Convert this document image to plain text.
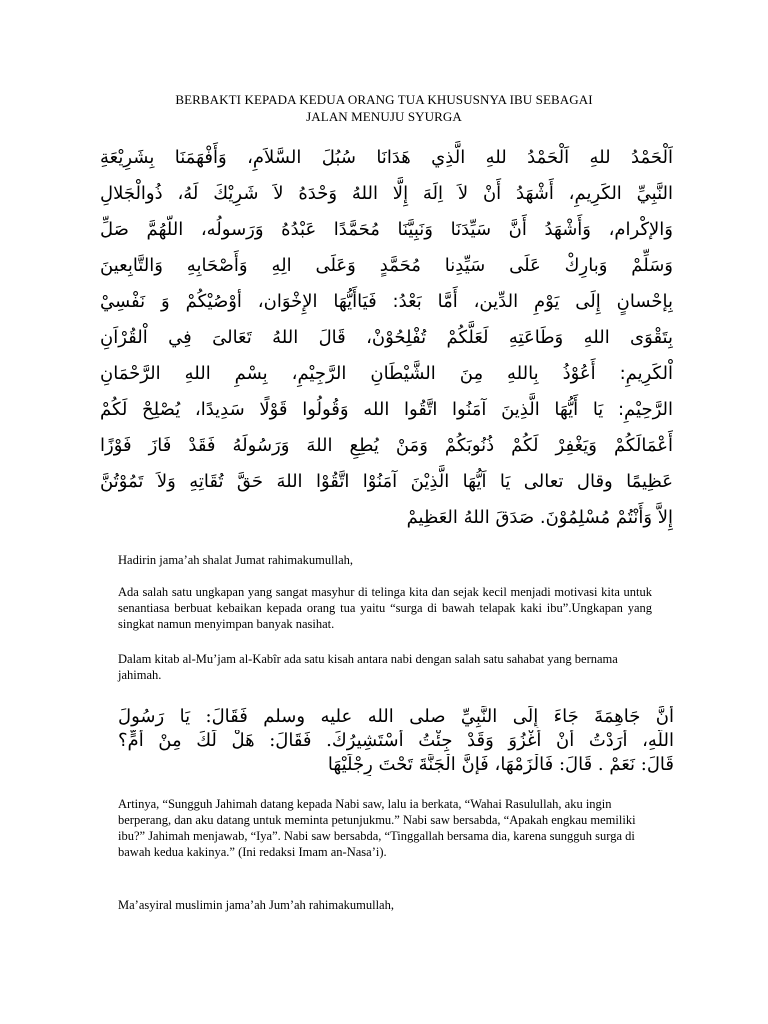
BERBAKTI KEPADA KEDUA ORANG TUA KHUSUSNYA IBU SEBAGAI
JALAN MENUJU SYURGA
اَلْحَمْدُ للهِ اَلْحَمْدُ للهِ الَّذِي هَدَانَا سُبُلَ السَّلاَمِ، وَأَفْهَمَنَا بِشَرِيْعَةِ
النَّبِيِّ الكَرِيمِ، أَشْهَدُ أَنْ لاَ اِلَهَ إِلَّا اللهُ وَحْدَهُ لاَ شَرِيْكَ لَهُ، ذُوالْجَلالِ
وَالإكْرام، وَأَشْهَدُ أَنَّ سَيِّدَنَا وَنَبِيَّنَا مُحَمَّدًا عَبْدُهُ وَرَسولُه، اللّهُمَّ صَلِّ
وَسَلِّمْ وَبارِكْ عَلَى سَيِّدِنا مُحَمَّدٍ وَعَلَى الِهِ وَأَصْحَابِهِ وَالتَّابِعينَ
بِإحْسانٍ إِلَى يَوْمِ الدِّين، أَمَّا بَعْدُ: فَيَاأَيُّهَا الإِخْوَان، أوْصُيْكُمْ وَ نَفْسِيْ
بِتَقْوَى اللهِ وَطَاعَتِهِ لَعَلَّكُمْ تُفْلِحُوْنْ، قَالَ اللهُ تَعَالىَ فِي اْلقُرْاَنِ
اْلكَرِيمِ: أَعُوْذُ بِاللهِ مِنَ الشَّيْطَانِ الرَّجِيْمِ، بِسْمِ اللهِ الرَّحْمَانِ
الرَّحِيْمِ: يَا أَيُّهَا الَّذِينَ آمَنُوا اتَّقُوا الله وَقُولُوا قَوْلًا سَدِيدًا، يُصْلِحْ لَكُمْ
أَعْمَالَكُمْ وَيَغْفِرْ لَكُمْ ذُنُوبَكُمْ وَمَنْ يُطِعِ اللهَ وَرَسُولَهُ فَقَدْ فَازَ فَوْزًا
عَظِيمًا وقال تعالى يَا اَيُّهَا الَّذِيْنَ آمَنُوْا اتَّقُوْا اللهَ حَقَّ تُقَاتِهِ وَلاَ تَمُوْتُنَّ
إِلاَّ وَأَنْتُمْ مُسْلِمُوْنَ. صَدَقَ اللهُ العَظِيمْ

Hadirin jama’ah shalat Jumat rahimakumullah,

Ada salah satu ungkapan yang sangat masyhur di telinga kita dan sejak kecil menjadi motivasi kita untuk senantiasa berbuat kebaikan kepada orang tua yaitu “surga di bawah telapak kaki ibu”.Ungkapan yang singkat namun menyimpan banyak nasihat.

Dalam kitab al-Mu’jam al-Kabîr ada satu kisah antara nabi dengan salah satu sahabat yang bernama jahimah.

أَنَّ جَاهِمَةَ جَاءَ إِلَى النَّبِيِّ صلى الله عليه وسلم فَقَالَ: يَا رَسُولَ
اللَّهِ، أَرَدْتُ أَنْ أَغْزُوَ وَقَدْ جِئْتُ أَسْتَشِيرُكَ. فَقَالَ: هَلْ لَكَ مِنْ أُمٍّ؟
قَالَ: نَعَمْ . قَالَ: فَالْزَمْهَا، فَإِنَّ الْجَنَّةَ تَحْتَ رِجْلَيْهَا

Artinya, “Sungguh Jahimah datang kepada Nabi saw, lalu ia berkata, “Wahai Rasulullah, aku ingin berperang, dan aku datang untuk meminta petunjukmu.” Nabi saw bersabda, “Apakah engkau memiliki ibu?” Jahimah menjawab, “Iya”. Nabi saw bersabda, “Tinggallah bersama dia, karena sungguh surga di bawah kedua kakinya.” (Ini redaksi Imam an-Nasa’i).

Ma’asyiral muslimin jama’ah Jum’ah rahimakumullah,
